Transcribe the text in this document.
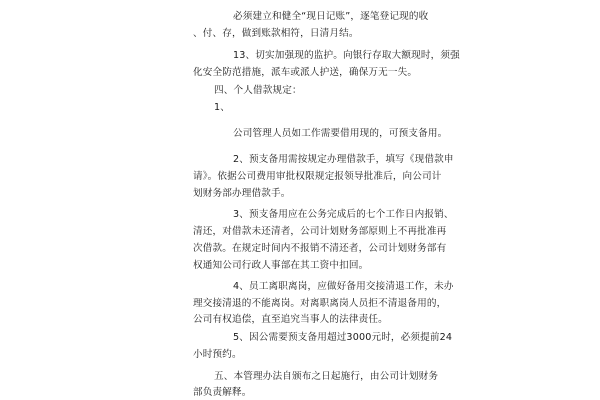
必须建立和健全“现日记账”，逐笔登记现的收
、付、存，做到账款相符，日清月结。
13、切实加强现的监护。向银行存取大额现时，须强
化安全防范措施，派车或派人护送，确保万无一失。
四、个人借款规定：
1、
公司管理人员如工作需要借用现的，可预支备用。
2、预支备用需按规定办理借款手，填写《现借款申
请》。依据公司费用审批权限规定报领导批准后，向公司计
划财务部办理借款手。
3、预支备用应在公务完成后的七个工作日内报销、
清还，对借款未还清者，公司计划财务部原则上不再批准再
次借款。在规定时间内不报销不清还者，公司计划财务部有
权通知公司行政人事部在其工资中扣回。
4、员工离职离岗，应做好备用交接清退工作，未办
理交接清退的不能离岗。对离职离岗人员拒不清退备用的，
公司有权追偿，直至追究当事人的法律责任。
5、因公需要预支备用超过3000元时，必须提前24
小时预约。
五、本管理办法自颁布之日起施行，由公司计划财务
部负责解释。
